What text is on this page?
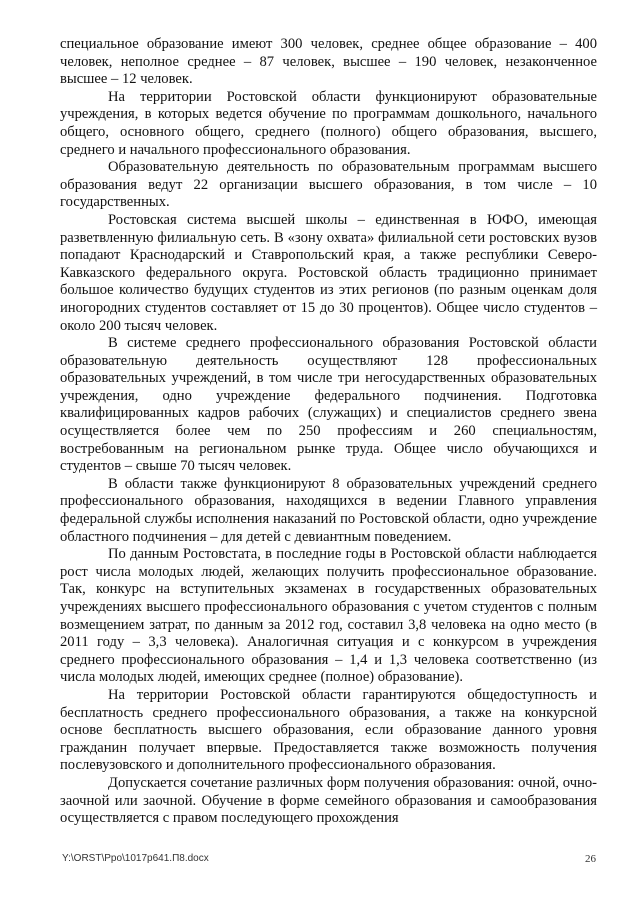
специальное образование имеют 300 человек, среднее общее образование – 400 человек, неполное среднее – 87 человек, высшее – 190 человек, незаконченное высшее – 12 человек.

На территории Ростовской области функционируют образовательные учреждения, в которых ведется обучение по программам дошкольного, начального общего, основного общего, среднего (полного) общего образования, высшего, среднего и начального профессионального образования.

Образовательную деятельность по образовательным программам высшего образования ведут 22 организации высшего образования, в том числе – 10 государственных.

Ростовская система высшей школы – единственная в ЮФО, имеющая разветвленную филиальную сеть. В «зону охвата» филиальной сети ростовских вузов попадают Краснодарский и Ставропольский края, а также республики Северо-Кавказского федерального округа. Ростовской область традиционно принимает большое количество будущих студентов из этих регионов (по разным оценкам доля иногородних студентов составляет от 15 до 30 процентов). Общее число студентов – около 200 тысяч человек.

В системе среднего профессионального образования Ростовской области образовательную деятельность осуществляют 128 профессиональных образовательных учреждений, в том числе три негосударственных образовательных учреждения, одно учреждение федерального подчинения. Подготовка квалифицированных кадров рабочих (служащих) и специалистов среднего звена осуществляется более чем по 250 профессиям и 260 специальностям, востребованным на региональном рынке труда. Общее число обучающихся и студентов – свыше 70 тысяч человек.

В области также функционируют 8 образовательных учреждений среднего профессионального образования, находящихся в ведении Главного управления федеральной службы исполнения наказаний по Ростовской области, одно учреждение областного подчинения – для детей с девиантным поведением.

По данным Ростовстата, в последние годы в Ростовской области наблюдается рост числа молодых людей, желающих получить профессиональное образование. Так, конкурс на вступительных экзаменах в государственных образовательных учреждениях высшего профессионального образования с учетом студентов с полным возмещением затрат, по данным за 2012 год, составил 3,8 человека на одно место (в 2011 году – 3,3 человека). Аналогичная ситуация и с конкурсом в учреждения среднего профессионального образования – 1,4 и 1,3 человека соответственно (из числа молодых людей, имеющих среднее (полное) образование).

На территории Ростовской области гарантируются общедоступность и бесплатность среднего профессионального образования, а также на конкурсной основе бесплатность высшего образования, если образование данного уровня гражданин получает впервые. Предоставляется также возможность получения послевузовского и дополнительного профессионального образования.

Допускается сочетание различных форм получения образования: очной, очно-заочной или заочной. Обучение в форме семейного образования и самообразования осуществляется с правом последующего прохождения

Y:\ORST\Ppo\1017p641.П8.docx	26
